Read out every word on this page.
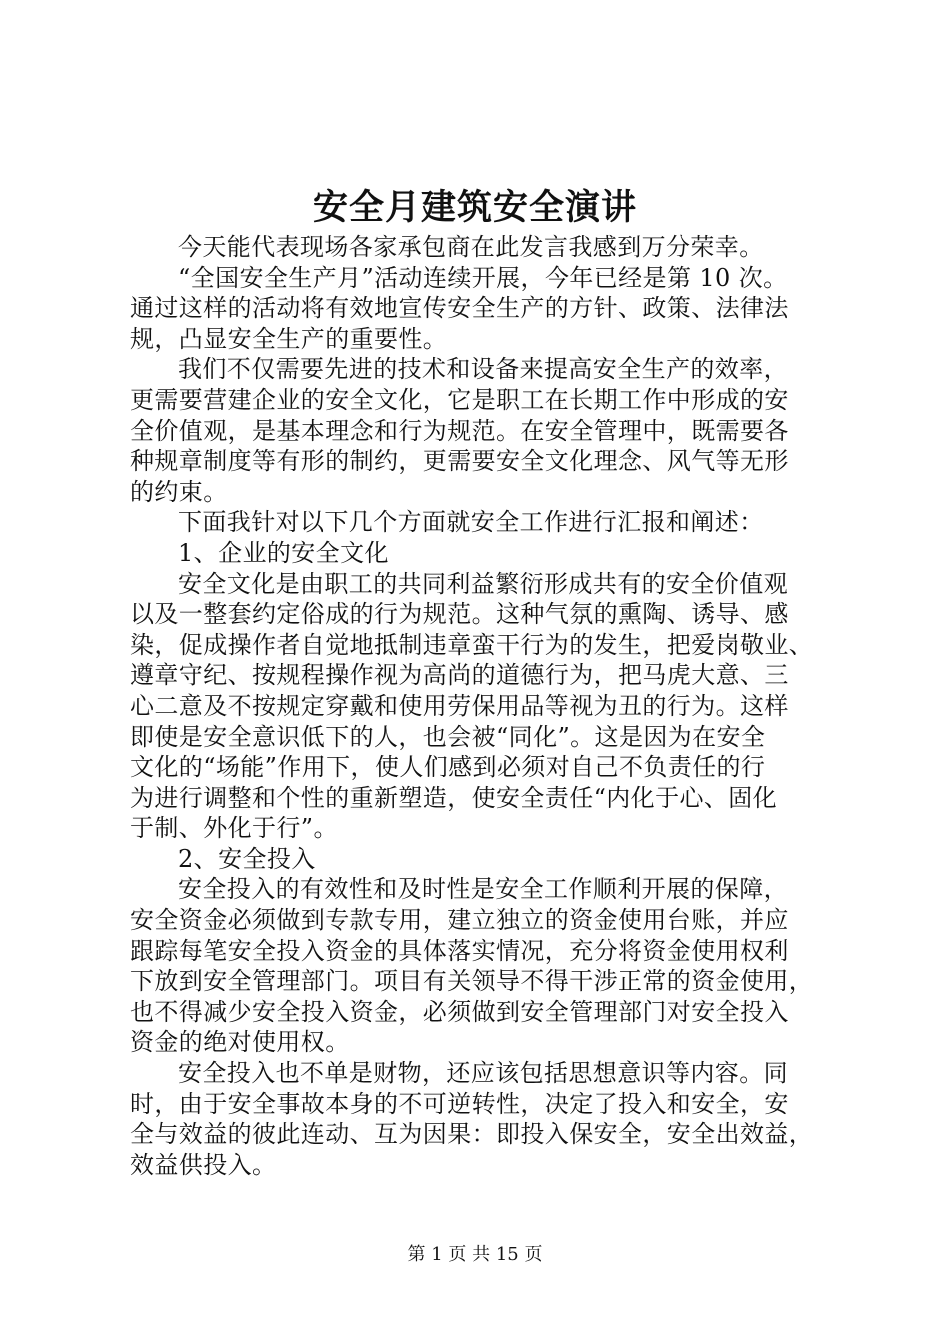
安全月建筑安全演讲
今天能代表现场各家承包商在此发言我感到万分荣幸。
“全国安全生产月”活动连续开展，今年已经是第 10 次。
通过这样的活动将有效地宣传安全生产的方针、政策、法律法
规，凸显安全生产的重要性。
我们不仅需要先进的技术和设备来提高安全生产的效率，
更需要营建企业的安全文化，它是职工在长期工作中形成的安
全价值观，是基本理念和行为规范。在安全管理中，既需要各
种规章制度等有形的制约，更需要安全文化理念、风气等无形
的约束。
下面我针对以下几个方面就安全工作进行汇报和阐述：
1、企业的安全文化
安全文化是由职工的共同利益繁衍形成共有的安全价值观
以及一整套约定俗成的行为规范。这种气氛的熏陶、诱导、感
染，促成操作者自觉地抵制违章蛮干行为的发生，把爱岗敬业、
遵章守纪、按规程操作视为高尚的道德行为，把马虎大意、三
心二意及不按规定穿戴和使用劳保用品等视为丑的行为。这样
即使是安全意识低下的人，也会被“同化”。这是因为在安全
文化的“场能”作用下，使人们感到必须对自己不负责任的行
为进行调整和个性的重新塑造，使安全责任“内化于心、固化
于制、外化于行”。
2、安全投入
安全投入的有效性和及时性是安全工作顺利开展的保障，
安全资金必须做到专款专用，建立独立的资金使用台账，并应
跟踪每笔安全投入资金的具体落实情况，充分将资金使用权利
下放到安全管理部门。项目有关领导不得干涉正常的资金使用，
也不得减少安全投入资金，必须做到安全管理部门对安全投入
资金的绝对使用权。
安全投入也不单是财物，还应该包括思想意识等内容。同
时，由于安全事故本身的不可逆转性，决定了投入和安全，安
全与效益的彼此连动、互为因果：即投入保安全，安全出效益，
效益供投入。
第 1 页 共 15 页
